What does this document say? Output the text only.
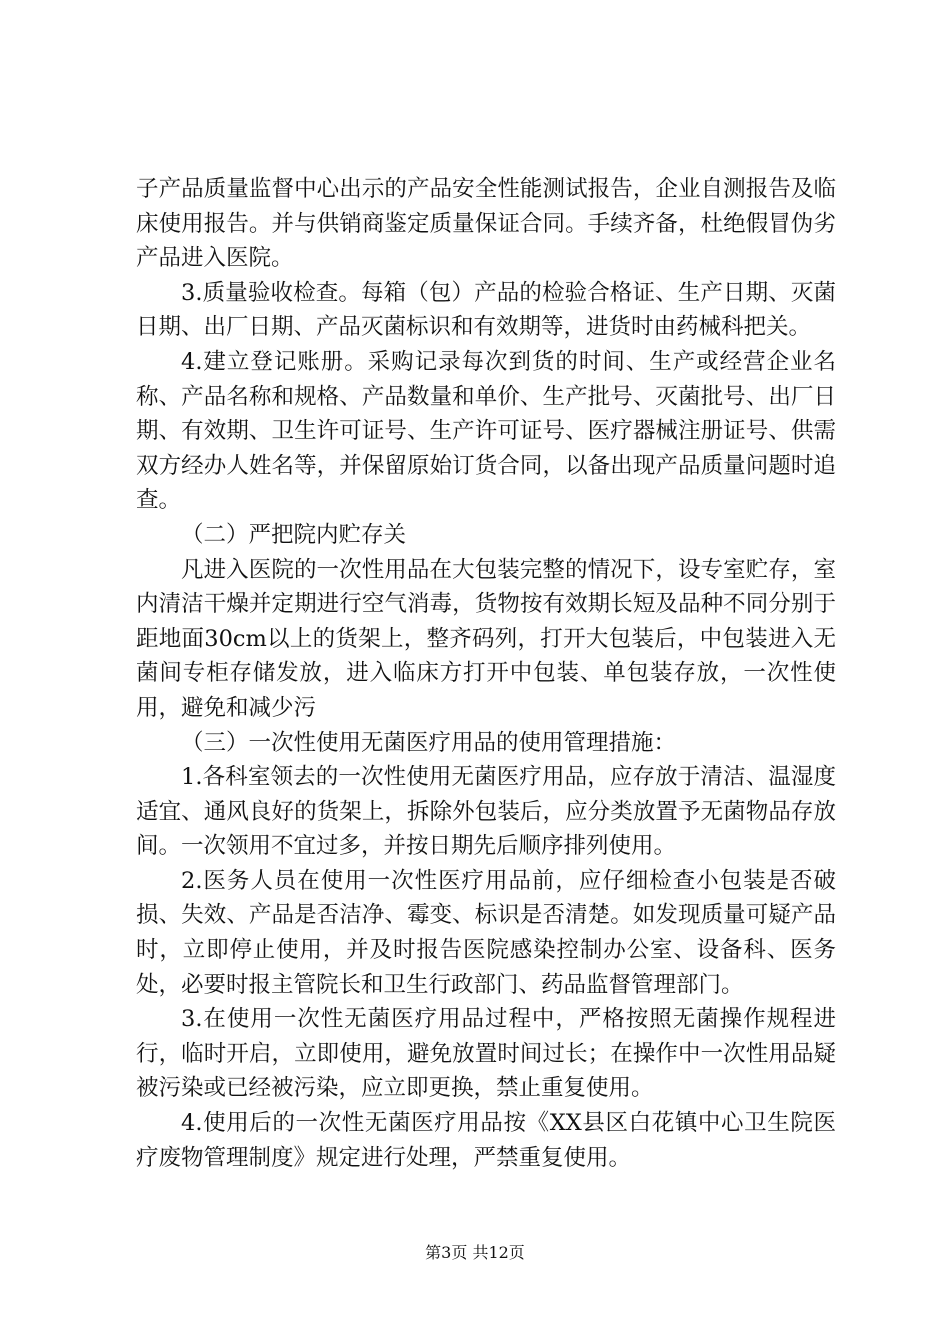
子产品质量监督中心出示的产品安全性能测试报告，企业自测报告及临床使用报告。并与供销商鉴定质量保证合同。手续齐备，杜绝假冒伪劣产品进入医院。

3.质量验收检查。每箱（包）产品的检验合格证、生产日期、灭菌日期、出厂日期、产品灭菌标识和有效期等，进货时由药械科把关。

4.建立登记账册。采购记录每次到货的时间、生产或经营企业名称、产品名称和规格、产品数量和单价、生产批号、灭菌批号、出厂日期、有效期、卫生许可证号、生产许可证号、医疗器械注册证号、供需双方经办人姓名等，并保留原始订货合同，以备出现产品质量问题时追查。

（二）严把院内贮存关

凡进入医院的一次性用品在大包装完整的情况下，设专室贮存，室内清洁干燥并定期进行空气消毒，货物按有效期长短及品种不同分别于距地面30cm以上的货架上，整齐码列，打开大包装后，中包装进入无菌间专柜存储发放，进入临床方打开中包装、单包装存放，一次性使用，避免和减少污

（三）一次性使用无菌医疗用品的使用管理措施：

1.各科室领去的一次性使用无菌医疗用品，应存放于清洁、温湿度适宜、通风良好的货架上，拆除外包装后，应分类放置予无菌物品存放间。一次领用不宜过多，并按日期先后顺序排列使用。

2.医务人员在使用一次性医疗用品前，应仔细检查小包装是否破损、失效、产品是否洁净、霉变、标识是否清楚。如发现质量可疑产品时，立即停止使用，并及时报告医院感染控制办公室、设备科、医务处，必要时报主管院长和卫生行政部门、药品监督管理部门。

3.在使用一次性无菌医疗用品过程中，严格按照无菌操作规程进行，临时开启，立即使用，避免放置时间过长；在操作中一次性用品疑被污染或已经被污染，应立即更换，禁止重复使用。

4.使用后的一次性无菌医疗用品按《XX县区白花镇中心卫生院医疗废物管理制度》规定进行处理，严禁重复使用。

第3页 共12页
